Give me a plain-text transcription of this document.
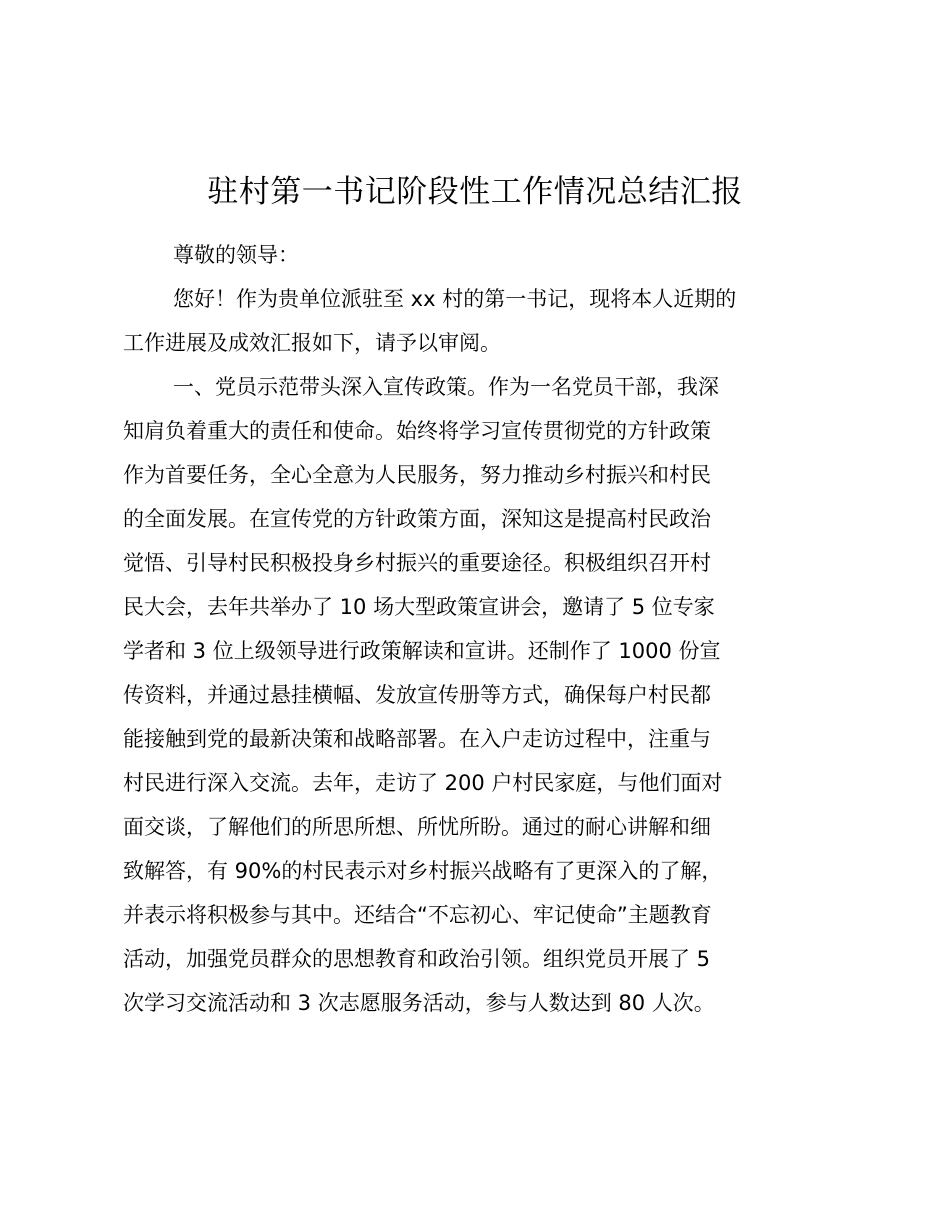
驻村第一书记阶段性工作情况总结汇报
尊敬的领导：
您好！作为贵单位派驻至 xx 村的第一书记，现将本人近期的
工作进展及成效汇报如下，请予以审阅。
一、党员示范带头深入宣传政策。作为一名党员干部，我深
知肩负着重大的责任和使命。始终将学习宣传贯彻党的方针政策
作为首要任务，全心全意为人民服务，努力推动乡村振兴和村民
的全面发展。在宣传党的方针政策方面，深知这是提高村民政治
觉悟、引导村民积极投身乡村振兴的重要途径。积极组织召开村
民大会，去年共举办了 10 场大型政策宣讲会，邀请了 5 位专家
学者和 3 位上级领导进行政策解读和宣讲。还制作了 1000 份宣
传资料，并通过悬挂横幅、发放宣传册等方式，确保每户村民都
能接触到党的最新决策和战略部署。在入户走访过程中，注重与
村民进行深入交流。去年，走访了 200 户村民家庭，与他们面对
面交谈，了解他们的所思所想、所忧所盼。通过的耐心讲解和细
致解答，有 90%的村民表示对乡村振兴战略有了更深入的了解，
并表示将积极参与其中。还结合“不忘初心、牢记使命”主题教育
活动，加强党员群众的思想教育和政治引领。组织党员开展了 5
次学习交流活动和 3 次志愿服务活动，参与人数达到 80 人次。
